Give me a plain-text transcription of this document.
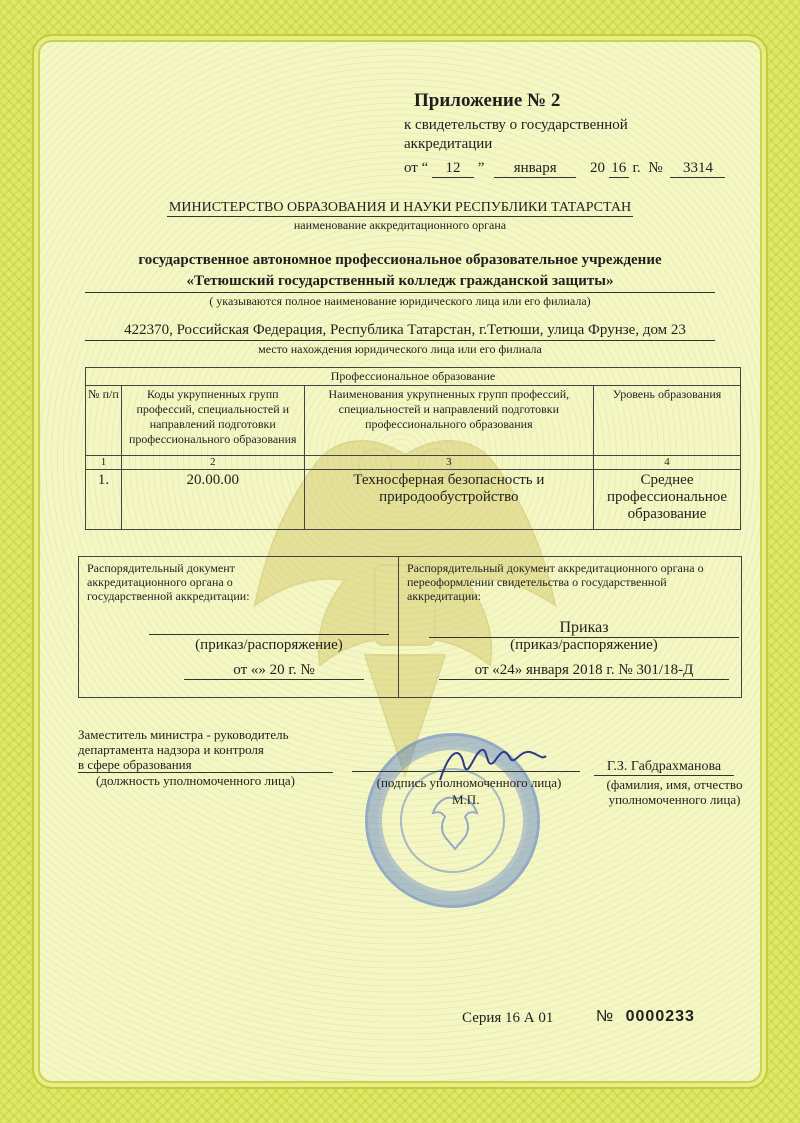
Приложение № 2
к свидетельству о государственной аккредитации
от “ 12 ” января 20 16 г. № 3314
МИНИСТЕРСТВО ОБРАЗОВАНИЯ И НАУКИ РЕСПУБЛИКИ ТАТАРСТАН
наименование аккредитационного органа
государственное автономное профессиональное образовательное учреждение
«Тетюшский государственный колледж гражданской защиты»
( указываются полное наименование юридического лица или его филиала)
422370, Российская Федерация, Республика Татарстан, г.Тетюши, улица Фрунзе, дом 23
место нахождения юридического лица или его филиала
Профессиональное образование			
№ п/п	Коды укрупненных групп профессий, специальностей и направлений подготовки профессионального образования	Наименования укрупненных групп профессий, специальностей и направлений подготовки профессионального образования	Уровень образования
1	2	3	4
1.	20.00.00	Техносферная безопасность и природообустройство	Среднее профессиональное образование
Распорядительный документ аккредитационного органа о государственной аккредитации:
(приказ/распоряжение)
от «» 20 г. №
Распорядительный документ аккредитационного органа о переоформлении свидетельства о государственной аккредитации:
Приказ
(приказ/распоряжение)
от «24» января 2018 г. № 301/18-Д
Заместитель министра - руководитель
департамента надзора и контроля
в сфере образования
(должность уполномоченного лица)	(подпись уполномоченного лица)
М.П.
Г.З. Габдрахманова
(фамилия, имя, отчество уполномоченного лица)
Серия 16 А 01	№ 0000233
